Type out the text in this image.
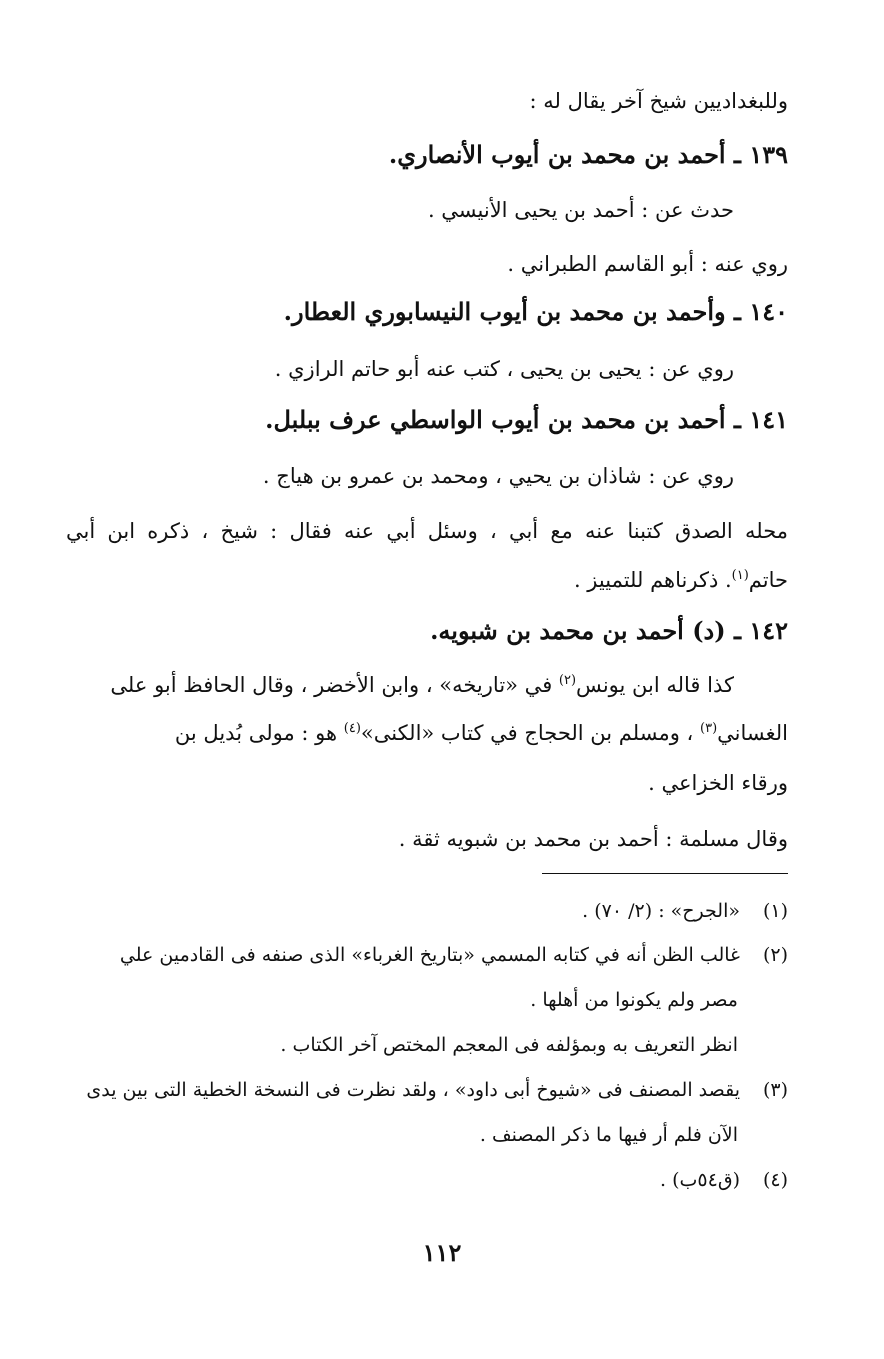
وللبغداديين شيخ آخر يقال له :
١٣٩ ـ أحمد بن محمد بن أيوب الأنصاري.
حدث عن : أحمد بن يحيى الأنيسي .
روي عنه : أبو القاسم الطبراني .
١٤٠ ـ وأحمد بن محمد بن أيوب النيسابوري العطار.
روي عن : يحيى بن يحيى ، كتب عنه أبو حاتم الرازي .
١٤١ ـ أحمد بن محمد بن أيوب الواسطي عرف ببلبل.
روي عن : شاذان بن يحيي ، ومحمد بن عمرو بن هياج .
محله الصدق كتبنا عنه مع أبي ، وسئل أبي عنه فقال : شيخ ، ذكره ابن أبي
حاتم$^{(١)}$. ذكرناهم للتمييز .
١٤٢ ـ (د) أحمد بن محمد بن شبويه.
كذا قاله ابن يونس$^{(٢)}$ في «تاريخه» ، وابن الأخضر ، وقال الحافظ أبو على
الغساني$^{(٣)}$ ، ومسلم بن الحجاج في كتاب «الكنى»$^{(٤)}$ هو : مولى بُديل بن
ورقاء الخزاعي .
وقال مسلمة : أحمد بن محمد بن شبويه ثقة .
(١)«الجرح» : (٢/ ٧٠) .
(٢)غالب الظن أنه في كتابه المسمي «بتاريخ الغرباء» الذى صنفه فى القادمين علي
مصر ولم يكونوا من أهلها .
انظر التعريف به وبمؤلفه فى المعجم المختص آخر الكتاب .
(٣)يقصد المصنف فى «شيوخ أبى داود» ، ولقد نظرت فى النسخة الخطية التى بين يدى
الآن فلم أر فيها ما ذكر المصنف .
(٤)(ق٥٤ب) .
١١٢
